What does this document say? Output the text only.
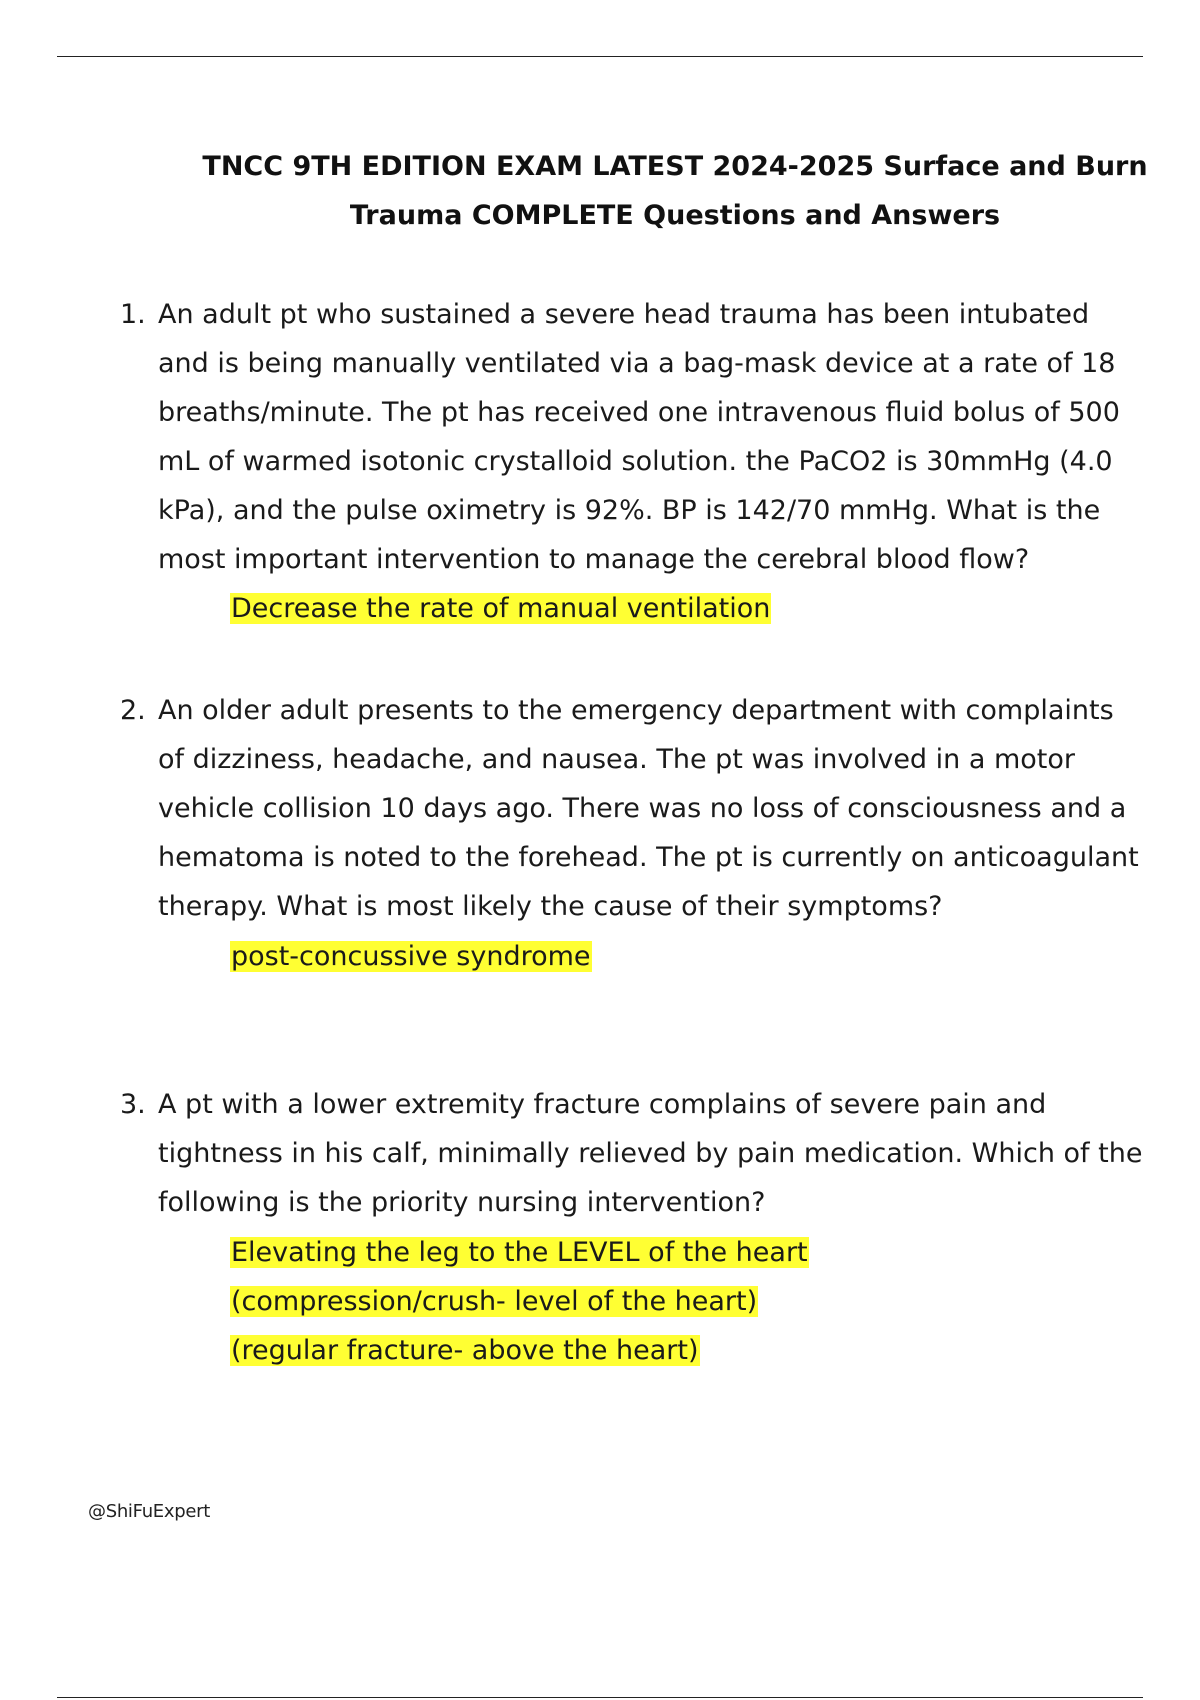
TNCC 9TH EDITION EXAM LATEST 2024-2025 Surface and Burn
Trauma COMPLETE Questions and Answers
1. An adult pt who sustained a severe head trauma has been intubated
and is being manually ventilated via a bag-mask device at a rate of 18
breaths/minute. The pt has received one intravenous fluid bolus of 500
mL of warmed isotonic crystalloid solution. the PaCO2 is 30mmHg (4.0
kPa), and the pulse oximetry is 92%. BP is 142/70 mmHg. What is the
most important intervention to manage the cerebral blood flow?
Decrease the rate of manual ventilation
2. An older adult presents to the emergency department with complaints
of dizziness, headache, and nausea. The pt was involved in a motor
vehicle collision 10 days ago. There was no loss of consciousness and a
hematoma is noted to the forehead. The pt is currently on anticoagulant
therapy. What is most likely the cause of their symptoms?
post-concussive syndrome
3. A pt with a lower extremity fracture complains of severe pain and
tightness in his calf, minimally relieved by pain medication. Which of the
following is the priority nursing intervention?
Elevating the leg to the LEVEL of the heart
(compression/crush- level of the heart)
(regular fracture- above the heart)
@ShiFuExpert
